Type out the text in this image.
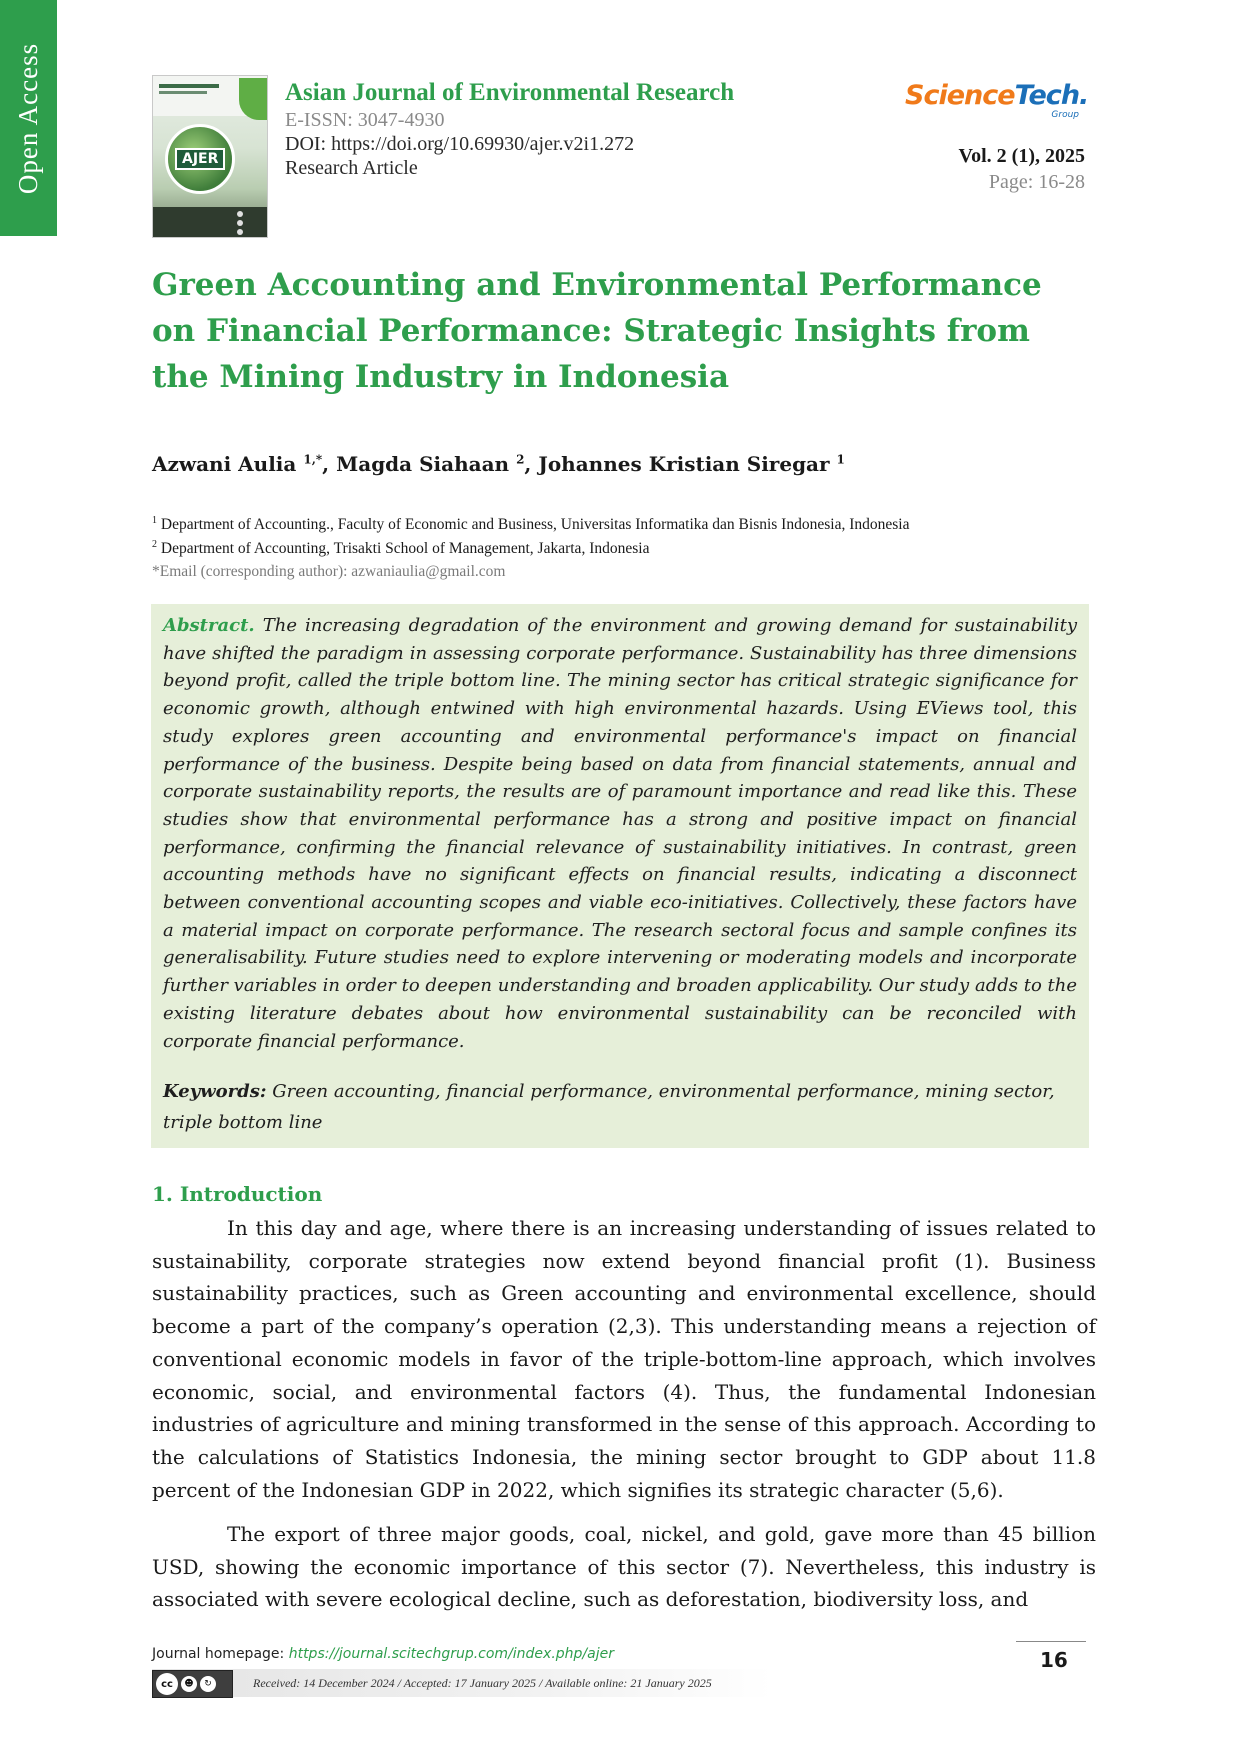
Open Access	AJER
Asian Journal of Environmental Research
E-ISSN: 3047-4930
DOI: https://doi.org/10.69930/ajer.v2i1.272
Research Article
ScienceTech.
Group
Vol. 2 (1), 2025
Page: 16-28
Green Accounting and Environmental Performance on Financial Performance: Strategic Insights from the Mining Industry in Indonesia
Azwani Aulia $^{1,*}$, Magda Siahaan $^2$, Johannes Kristian Siregar $^1$
$^1$ Department of Accounting., Faculty of Economic and Business, Universitas Informatika dan Bisnis Indonesia, Indonesia
$^2$ Department of Accounting, Trisakti School of Management, Jakarta, Indonesia
*Email (corresponding author): azwaniaulia@gmail.com
Abstract. The increasing degradation of the environment and growing demand for sustainability have shifted the paradigm in assessing corporate performance. Sustainability has three dimensions beyond profit, called the triple bottom line. The mining sector has critical strategic significance for economic growth, although entwined with high environmental hazards. Using EViews tool, this study explores green accounting and environmental performance's impact on financial performance of the business. Despite being based on data from financial statements, annual and corporate sustainability reports, the results are of paramount importance and read like this. These studies show that environmental performance has a strong and positive impact on financial performance, confirming the financial relevance of sustainability initiatives. In contrast, green accounting methods have no significant effects on financial results, indicating a disconnect between conventional accounting scopes and viable eco-initiatives. Collectively, these factors have a material impact on corporate performance. The research sectoral focus and sample confines its generalisability. Future studies need to explore intervening or moderating models and incorporate further variables in order to deepen understanding and broaden applicability. Our study adds to the existing literature debates about how environmental sustainability can be reconciled with corporate financial performance.
Keywords: Green accounting, financial performance, environmental performance, mining sector, triple bottom line
1. Introduction

In this day and age, where there is an increasing understanding of issues related to sustainability, corporate strategies now extend beyond financial profit (1). Business sustainability practices, such as Green accounting and environmental excellence, should become a part of the company’s operation (2,3). This understanding means a rejection of conventional economic models in favor of the triple-bottom-line approach, which involves economic, social, and environmental factors (4). Thus, the fundamental Indonesian industries of agriculture and mining transformed in the sense of this approach. According to the calculations of Statistics Indonesia, the mining sector brought to GDP about 11.8 percent of the Indonesian GDP in 2022, which signifies its strategic character (5,6).

The export of three major goods, coal, nickel, and gold, gave more than 45 billion USD, showing the economic importance of this sector (7). Nevertheless, this industry is associated with severe ecological decline, such as deforestation, biodiversity loss, and

Journal homepage: https://journal.scitechgrup.com/index.php/ajer	16
cc	☻	↻	Received: 14 December 2024 / Accepted: 17 January 2025 / Available online: 21 January 2025
